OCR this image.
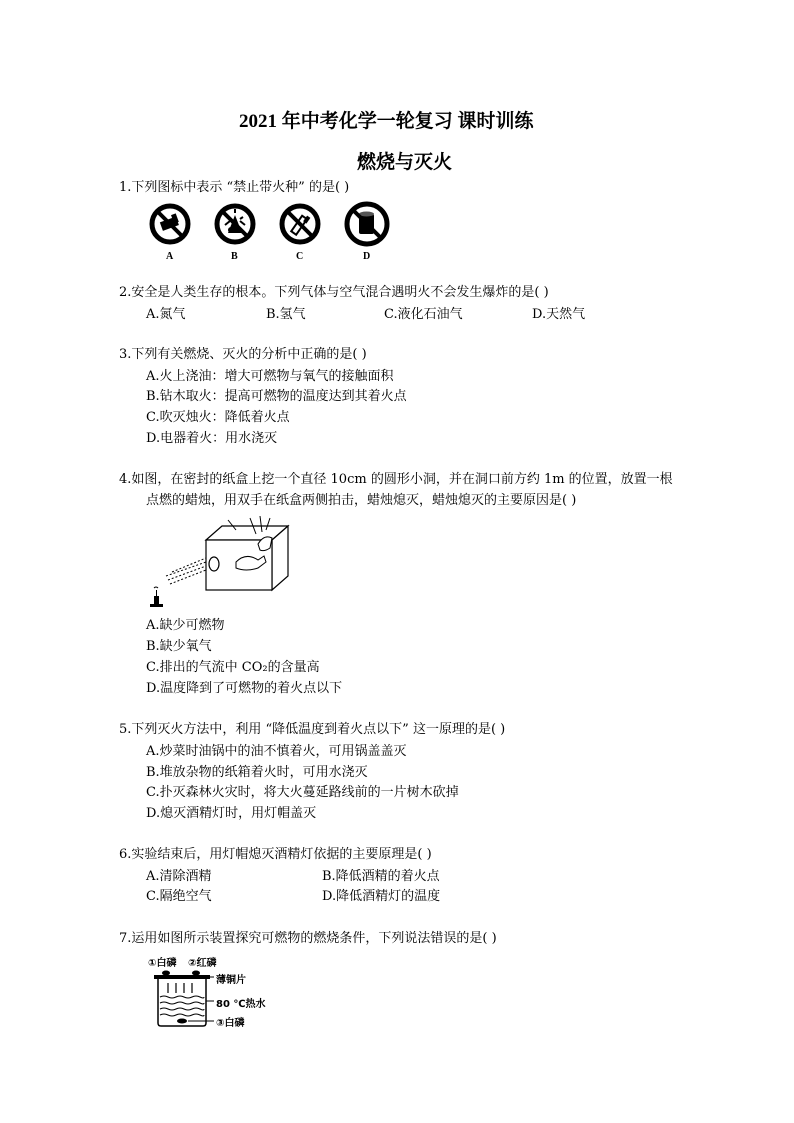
2021 年中考化学一轮复习 课时训练
燃烧与灭火
1.下列图标中表示 “禁止带火种” 的是( )
A	B	C	D
2.安全是人类生存的根本。下列气体与空气混合遇明火不会发生爆炸的是( )
A.氮气	B.氢气	C.液化石油气	D.天然气
3.下列有关燃烧、灭火的分析中正确的是( )
A.火上浇油：增大可燃物与氧气的接触面积
B.钻木取火：提高可燃物的温度达到其着火点
C.吹灭烛火：降低着火点
D.电器着火：用水浇灭
4.如图，在密封的纸盒上挖一个直径 10cm 的圆形小洞，并在洞口前方约 1m 的位置，放置一根
点燃的蜡烛，用双手在纸盒两侧拍击，蜡烛熄灭，蜡烛熄灭的主要原因是( )
A.缺少可燃物
B.缺少氧气
C.排出的气流中 CO₂的含量高
D.温度降到了可燃物的着火点以下
5.下列灭火方法中，利用 “降低温度到着火点以下” 这一原理的是( )
A.炒菜时油锅中的油不慎着火，可用锅盖盖灭
B.堆放杂物的纸箱着火时，可用水浇灭
C.扑灭森林火灾时，将大火蔓延路线前的一片树木砍掉
D.熄灭酒精灯时，用灯帽盖灭
6.实验结束后，用灯帽熄灭酒精灯依据的主要原理是( )
A.清除酒精	B.降低酒精的着火点
C.隔绝空气	D.降低酒精灯的温度
7.运用如图所示装置探究可燃物的燃烧条件，下列说法错误的是( )
①白磷 ②红磷
薄铜片
80 ℃热水
③白磷
